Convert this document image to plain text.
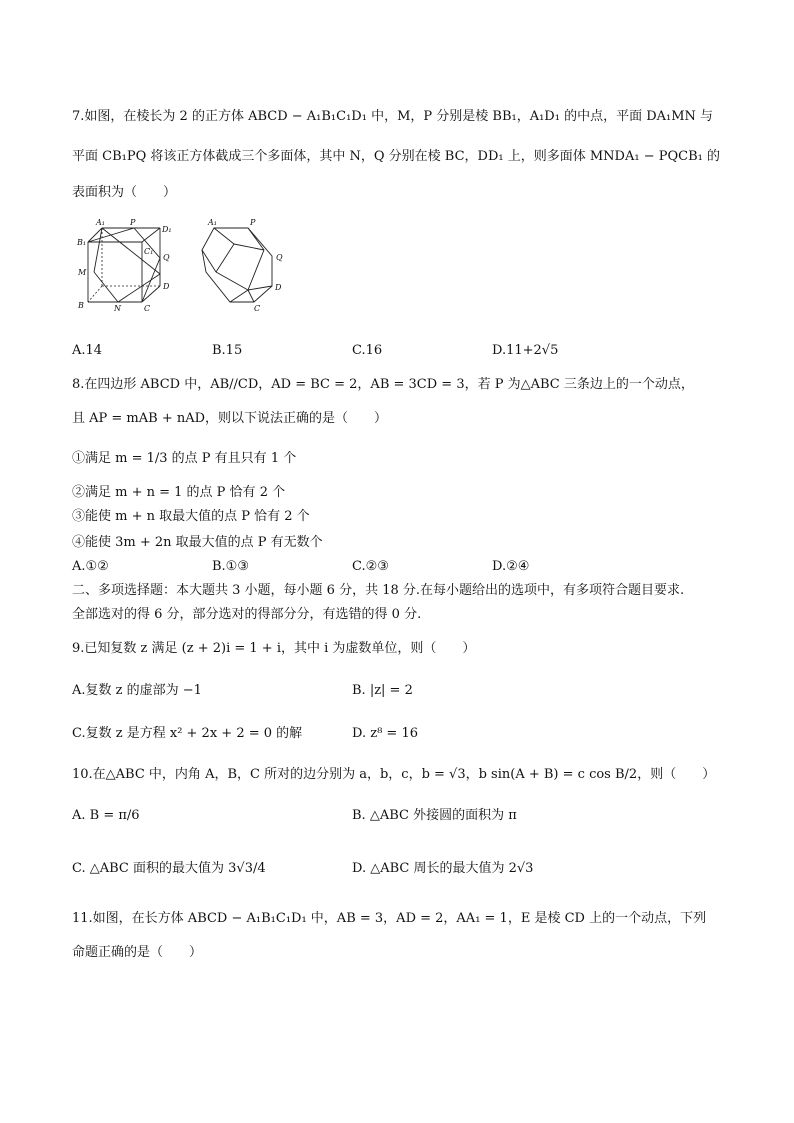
7.如图，在棱长为 2 的正方体 ABCD − A₁B₁C₁D₁ 中，M，P 分别是棱 BB₁，A₁D₁ 的中点，平面 DA₁MN 与
平面 CB₁PQ 将该正方体截成三个多面体，其中 N，Q 分别在棱 BC，DD₁ 上，则多面体 MNDA₁ − PQCB₁ 的
表面积为（　　）
A₁	P
D₁
B₁
C₁
Q
M
D
B	N	C
A₁	P
Q
D
C
A.14	B.15	C.16	D.11+2√5
8.在四边形 ABCD 中，AB//CD，AD = BC = 2，AB = 3CD = 3，若 P 为△ABC 三条边上的一个动点，
且 AP = mAB + nAD，则以下说法正确的是（　　）
①满足 m = 1/3 的点 P 有且只有 1 个
②满足 m + n = 1 的点 P 恰有 2 个
③能使 m + n 取最大值的点 P 恰有 2 个
④能使 3m + 2n 取最大值的点 P 有无数个
A.①②	B.①③	C.②③	D.②④
二、多项选择题：本大题共 3 小题，每小题 6 分，共 18 分.在每小题给出的选项中，有多项符合题目要求.
全部选对的得 6 分，部分选对的得部分分，有选错的得 0 分.
9.已知复数 z 满足 (z + 2)i = 1 + i，其中 i 为虚数单位，则（　　）
A.复数 z 的虚部为 −1	B. |z| = 2
C.复数 z 是方程 x² + 2x + 2 = 0 的解	D. z⁸ = 16
10.在△ABC 中，内角 A，B，C 所对的边分别为 a，b，c，b = √3，b sin(A + B) = c cos B/2，则（　　）
A. B = π/6	B. △ABC 外接圆的面积为 π
C. △ABC 面积的最大值为 3√3/4	D. △ABC 周长的最大值为 2√3
11.如图，在长方体 ABCD − A₁B₁C₁D₁ 中，AB = 3，AD = 2，AA₁ = 1，E 是棱 CD 上的一个动点，下列
命题正确的是（　　）
